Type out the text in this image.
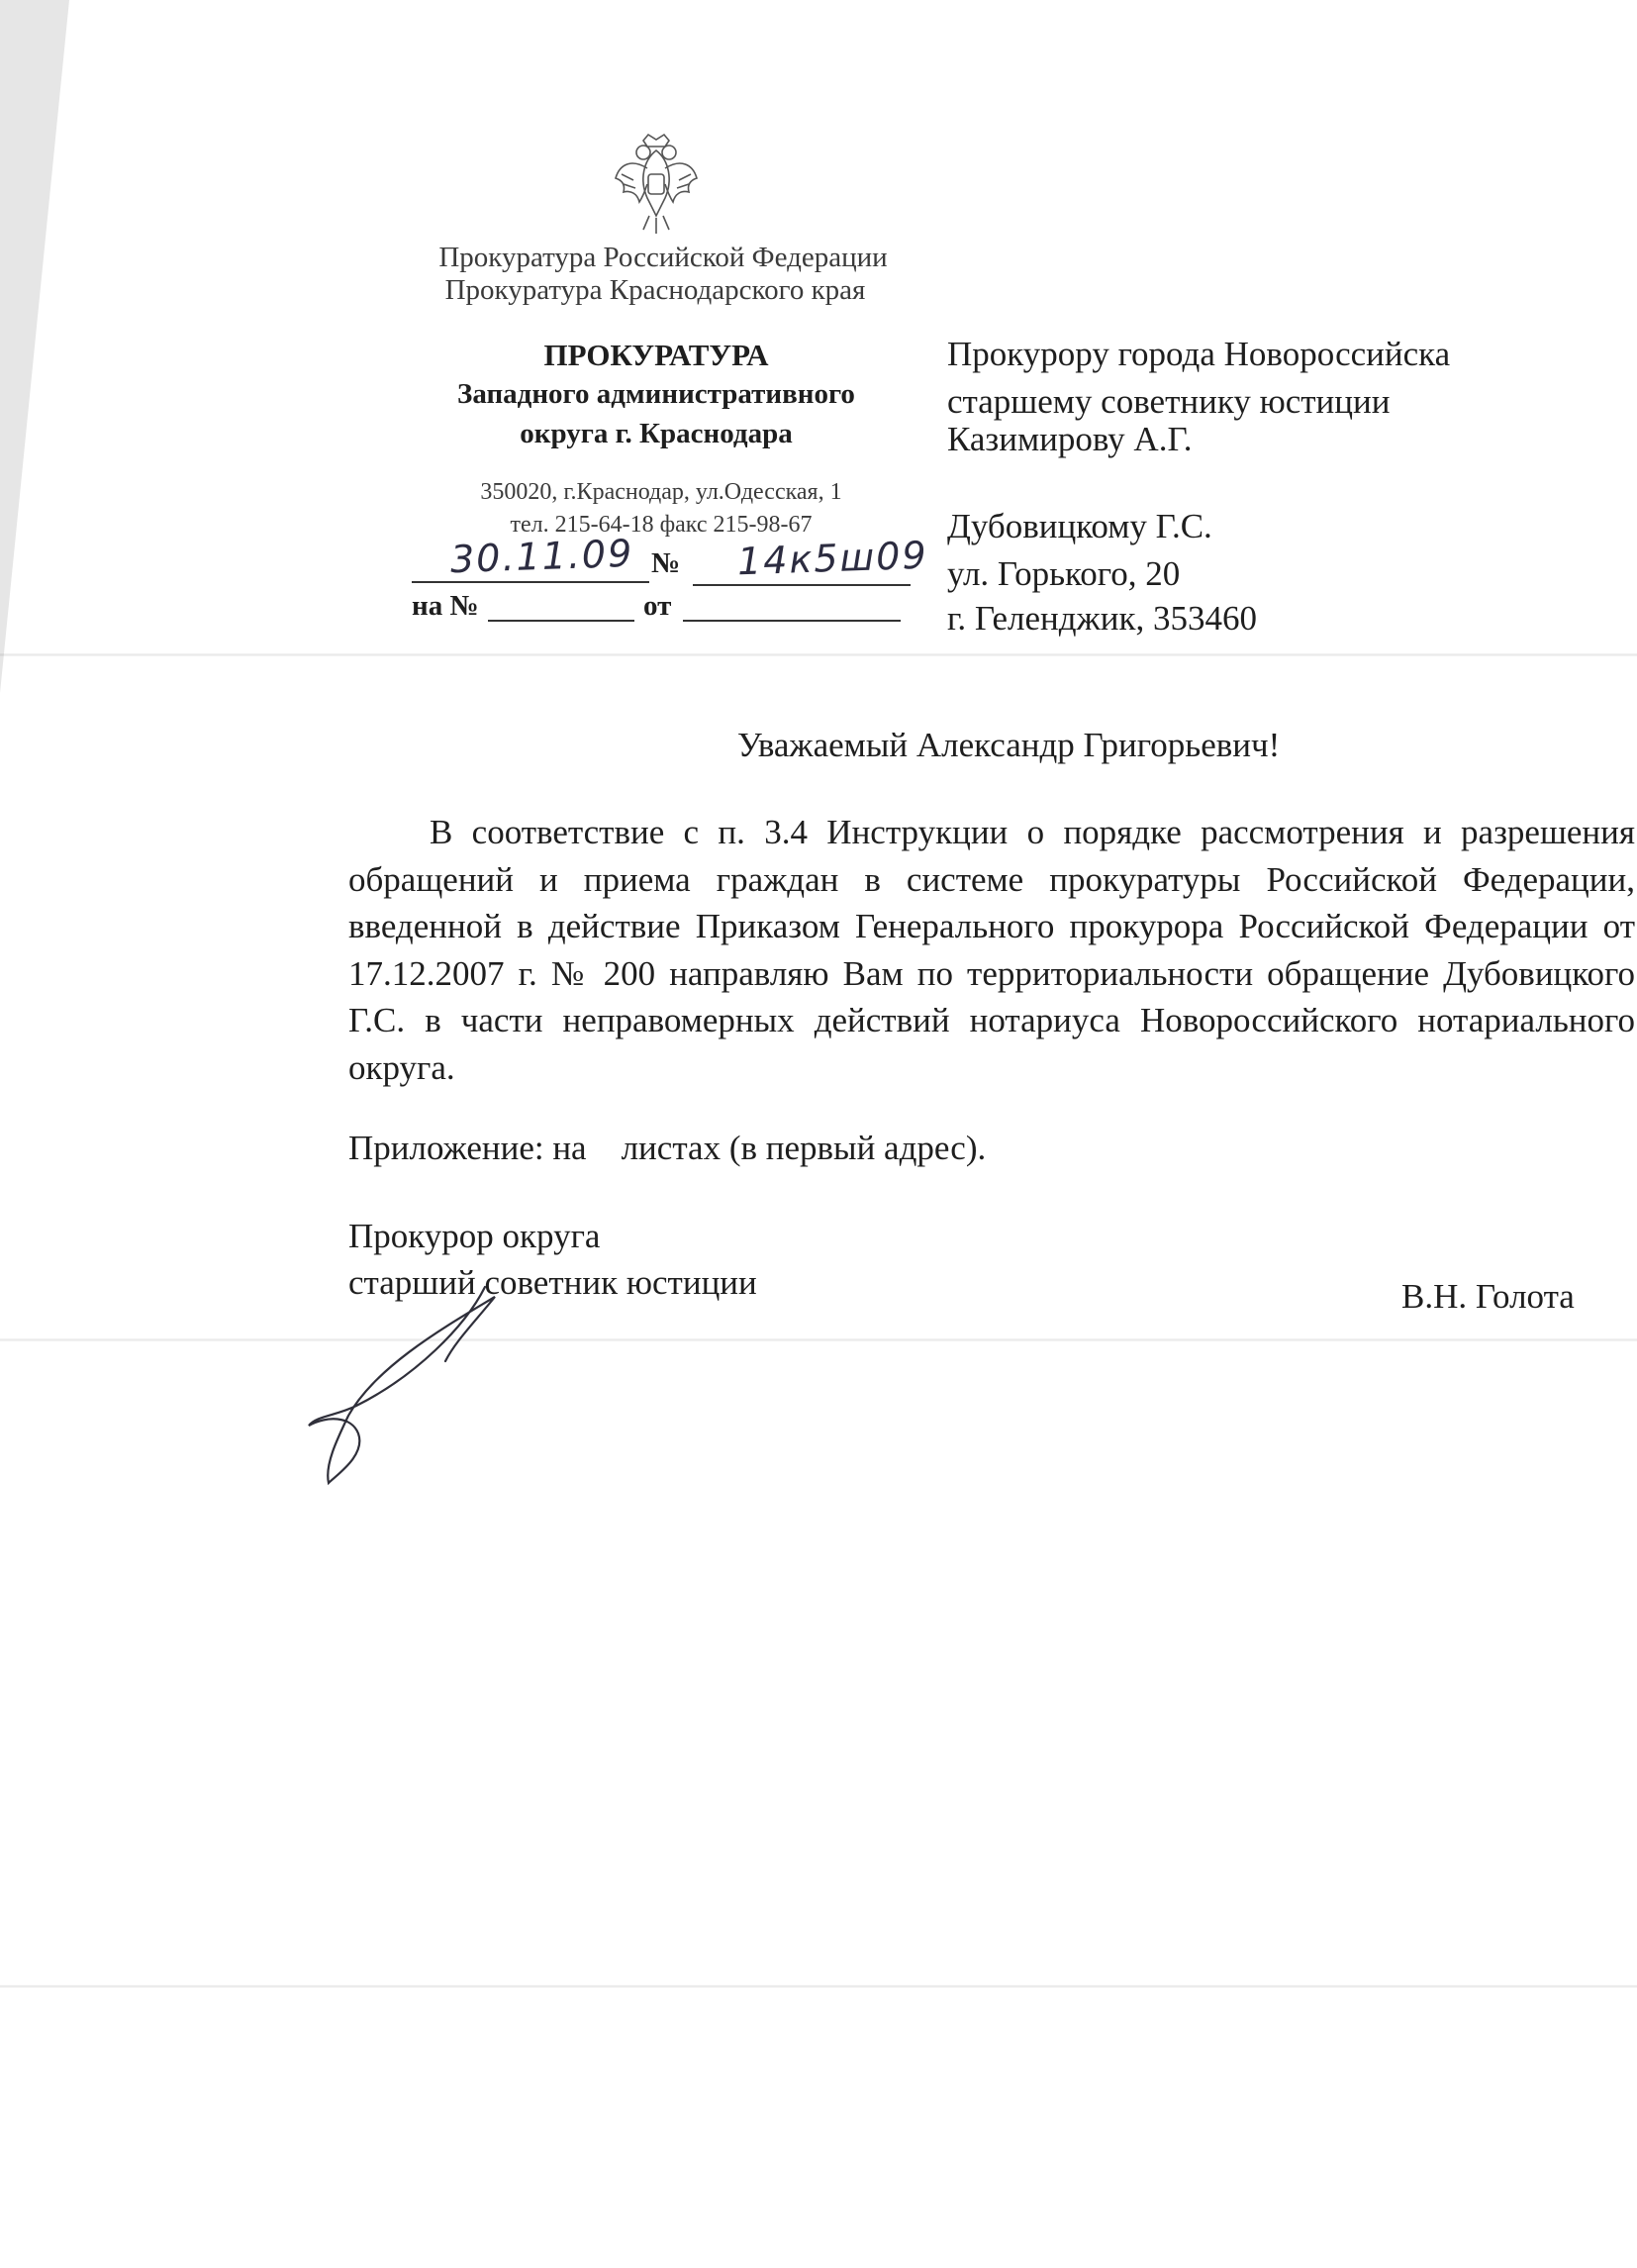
Прокуратура Российской Федерации
Прокуратура Краснодарского края
ПРОКУРАТУРА
Западного административного
округа г. Краснодара
350020, г.Краснодар, ул.Одесская, 1
тел. 215-64-18 факс 215-98-67
30.11.09 № 14к5ш09
на №	от
Прокурору города Новороссийска
старшему советнику юстиции
Казимирову А.Г.
Дубовицкому Г.С.
ул. Горького, 20
г. Геленджик, 353460
Уважаемый Александр Григорьевич!
В соответствие с п. 3.4 Инструкции о порядке рассмотрения и разрешения обращений и приема граждан в системе прокуратуры Российской Федерации, введенной в действие Приказом Генерального прокурора Российской Федерации от 17.12.2007 г. № 200 направляю Вам по территориальности обращение Дубовицкого Г.С. в части неправомерных действий нотариуса Новороссийского нотариального округа.
Приложение: на    листах (в первый адрес).
Прокурор округа
старший советник юстиции	В.Н. Голота
